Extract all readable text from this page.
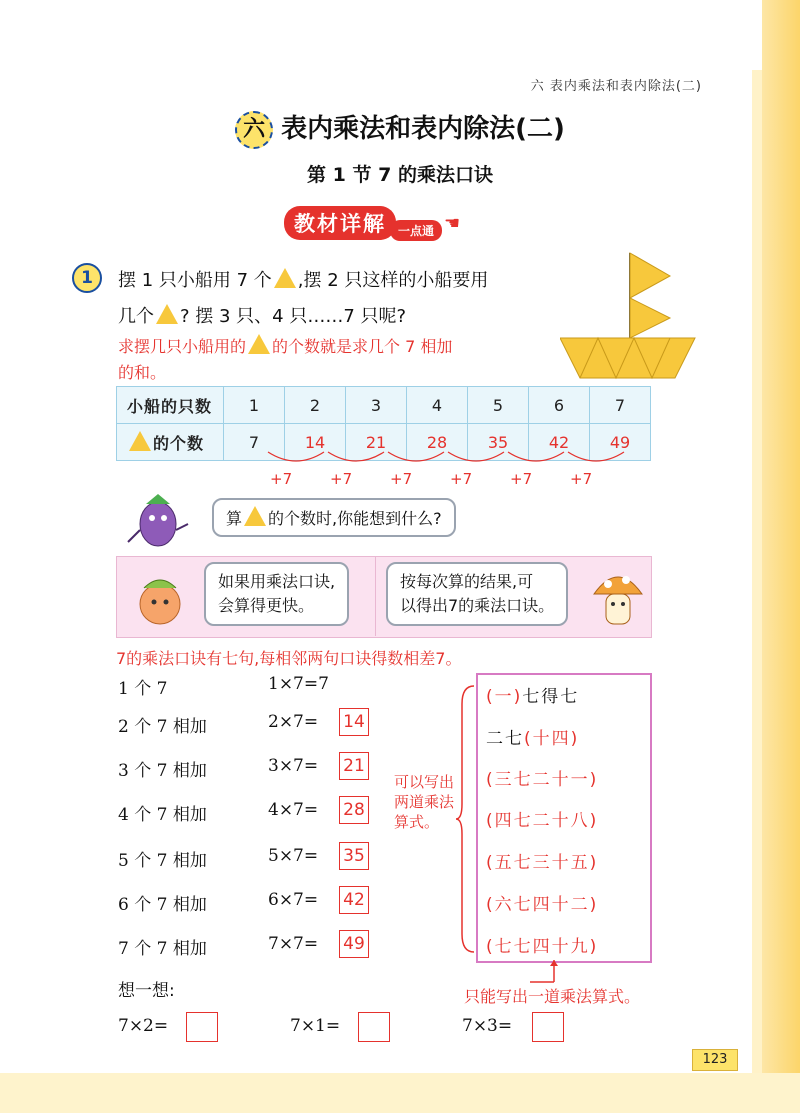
六 表内乘法和表内除法(二)
六 表内乘法和表内除法(二)
第 1 节 7 的乘法口诀
教材详解	一点通 ☚
1	摆 1 只小船用 7 个 ,摆 2 只这样的小船要用
几个 ? 摆 3 只、4 只……7 只呢?
求摆几只小船用的 的个数就是求几个 7 相加
的和。
小船的只数	1	2	3	4	5	6	7
的个数	7	14	21	28	35	42	49
+7	+7	+7	+7	+7	+7
算 的个数时,你能想到什么?
如果用乘法口诀,
会算得更快。
按每次算的结果,可
以得出7的乘法口诀。
7的乘法口诀有七句,每相邻两句口诀得数相差7。
1 个 7	1×7=7
2 个 7 相加	2×7= 14
3 个 7 相加	3×7= 21
4 个 7 相加	4×7= 28
5 个 7 相加	5×7= 35
6 个 7 相加	6×7= 42
7 个 7 相加	7×7= 49
可以写出
两道乘法
算式。
(一)七得七
二七(十四)
(三七二十一)
(四七二十八)
(五七三十五)
(六七四十二)
(七七四十九)
只能写出一道乘法算式。
想一想:
7×2=	7×1=	7×3=
123
